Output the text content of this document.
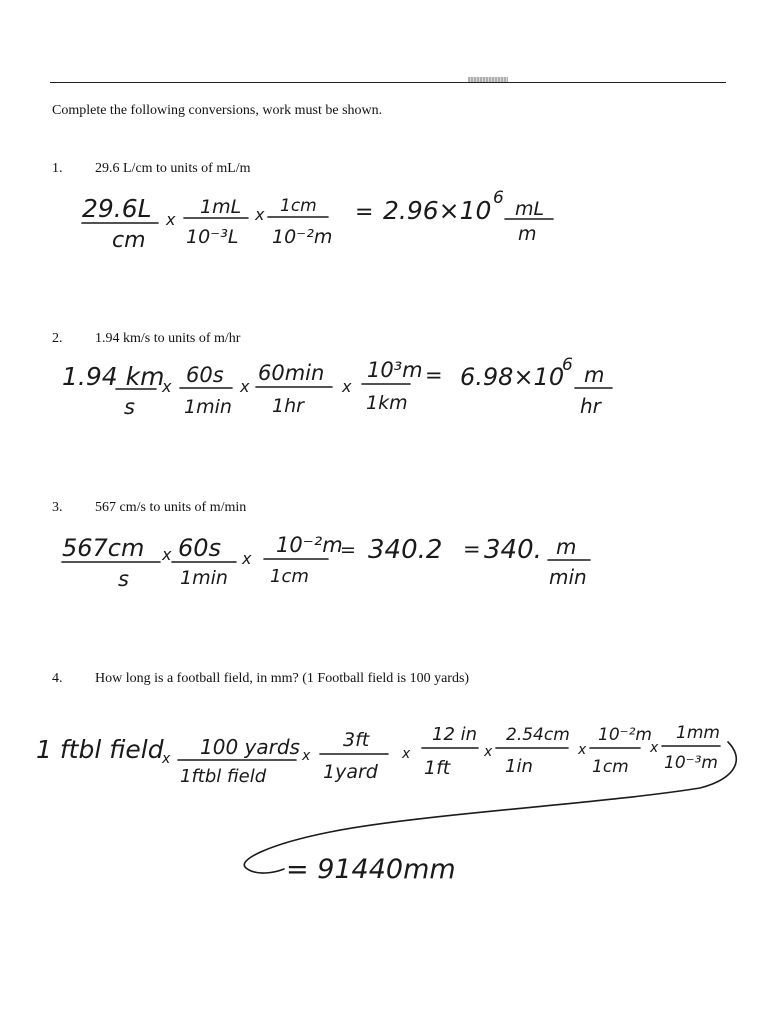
Complete the following conversions, work must be shown.
1. 29.6 L/cm to units of mL/m
29.6L
cm
x
1mL
10⁻³L
x 1cm
10⁻²m
= 2.96×10 6 mL
m
2. 1.94 km/s to units of m/hr
1.94 km
s
x 60s
1min
x
60min
1hr
x
10³m
1km
= 6.98×10
6 m
hr
3. 567 cm/s to units of m/min
567cm
s
x 60s
1min
x
10⁻²m
1cm
= 340.2 = 340. m
min
4. How long is a football field, in mm? (1 Football field is 100 yards)
1 ftbl field
x 100 yards
1ftbl field
x
3ft
1yard
x
12 in
1ft
x
2.54cm
1in
x
10⁻²m
1cm
x
1mm
10⁻³m
= 91440mm
